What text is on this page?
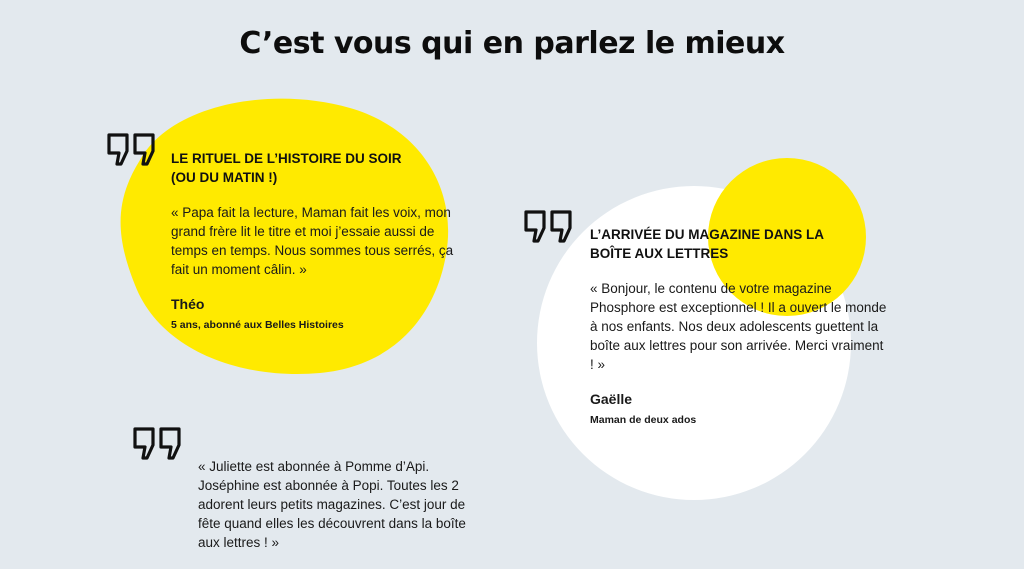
C’est vous qui en parlez le mieux
LE RITUEL DE L’HISTOIRE DU SOIR
(OU DU MATIN !)

« Papa fait la lecture, Maman fait les voix, mon grand frère lit le titre et moi j’essaie aussi de temps en temps. Nous sommes tous serrés, ça fait un moment câlin. »

Théo

5 ans, abonné aux Belles Histoires

L’ARRIVÉE DU MAGAZINE DANS LA
BOÎTE AUX LETTRES

« Bonjour, le contenu de votre magazine Phosphore est exceptionnel ! Il a ouvert le monde à nos enfants. Nos deux adolescents guettent la boîte aux lettres pour son arrivée. Merci vraiment ! »

Gaëlle

Maman de deux ados

« Juliette est abonnée à Pomme d’Api. Joséphine est abonnée à Popi. Toutes les 2 adorent leurs petits magazines. C’est jour de fête quand elles les découvrent dans la boîte aux lettres ! »
